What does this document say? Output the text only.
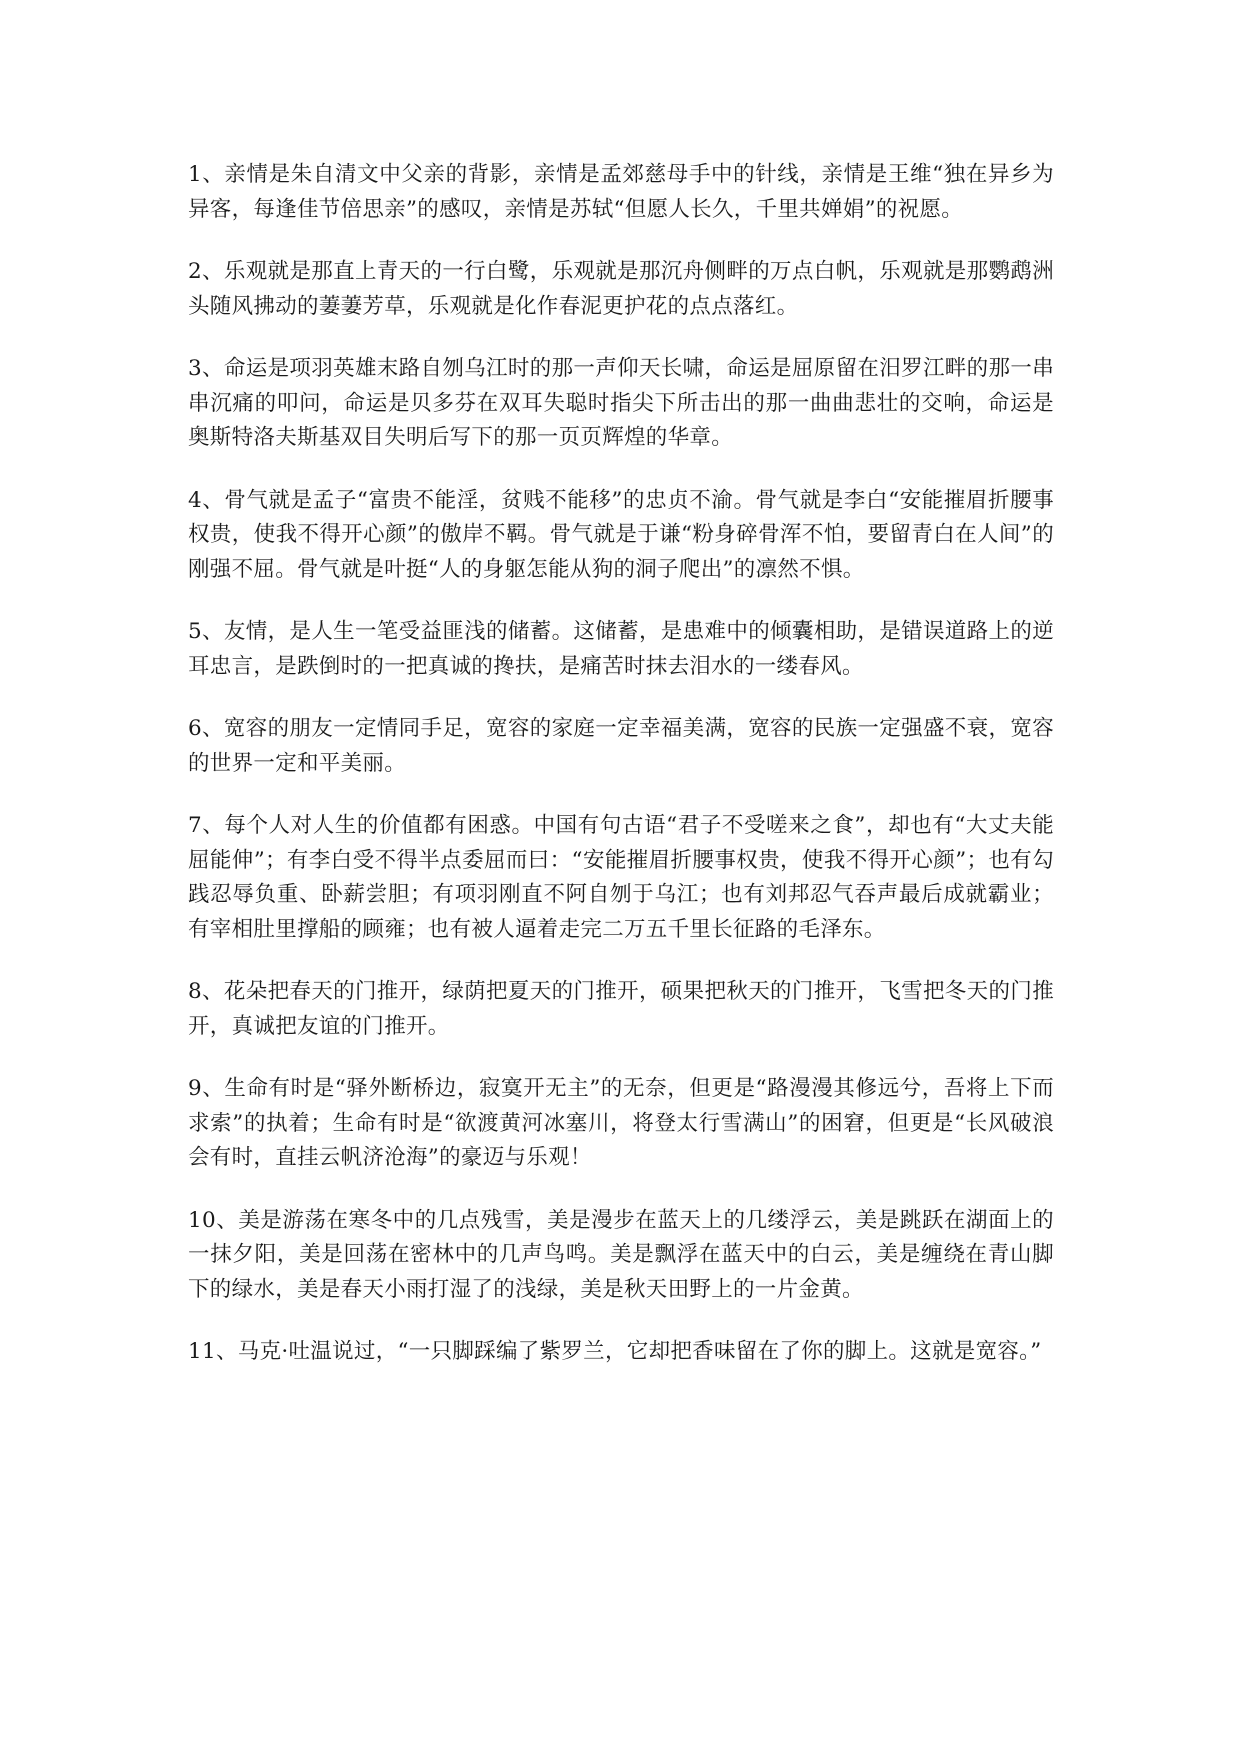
1、亲情是朱自清文中父亲的背影，亲情是孟郊慈母手中的针线，亲情是王维“独在异乡为异客，每逢佳节倍思亲”的感叹，亲情是苏轼“但愿人长久，千里共婵娟”的祝愿。

2、乐观就是那直上青天的一行白鹭，乐观就是那沉舟侧畔的万点白帆，乐观就是那鹦鹉洲头随风拂动的萋萋芳草，乐观就是化作春泥更护花的点点落红。

3、命运是项羽英雄末路自刎乌江时的那一声仰天长啸，命运是屈原留在汨罗江畔的那一串串沉痛的叩问，命运是贝多芬在双耳失聪时指尖下所击出的那一曲曲悲壮的交响，命运是奥斯特洛夫斯基双目失明后写下的那一页页辉煌的华章。

4、骨气就是孟子“富贵不能淫，贫贱不能移”的忠贞不渝。骨气就是李白“安能摧眉折腰事权贵，使我不得开心颜”的傲岸不羁。骨气就是于谦“粉身碎骨浑不怕，要留青白在人间”的刚强不屈。骨气就是叶挺“人的身躯怎能从狗的洞子爬出”的凛然不惧。

5、友情，是人生一笔受益匪浅的储蓄。这储蓄，是患难中的倾囊相助，是错误道路上的逆耳忠言，是跌倒时的一把真诚的搀扶，是痛苦时抹去泪水的一缕春风。

6、宽容的朋友一定情同手足，宽容的家庭一定幸福美满，宽容的民族一定强盛不衰，宽容的世界一定和平美丽。

7、每个人对人生的价值都有困惑。中国有句古语“君子不受嗟来之食”，却也有“大丈夫能屈能伸”；有李白受不得半点委屈而曰：“安能摧眉折腰事权贵，使我不得开心颜”；也有勾践忍辱负重、卧薪尝胆；有项羽刚直不阿自刎于乌江；也有刘邦忍气吞声最后成就霸业；有宰相肚里撑船的顾雍；也有被人逼着走完二万五千里长征路的毛泽东。

8、花朵把春天的门推开，绿荫把夏天的门推开，硕果把秋天的门推开，飞雪把冬天的门推开，真诚把友谊的门推开。

9、生命有时是“驿外断桥边，寂寞开无主”的无奈，但更是“路漫漫其修远兮，吾将上下而求索”的执着；生命有时是“欲渡黄河冰塞川，将登太行雪满山”的困窘，但更是“长风破浪会有时，直挂云帆济沧海”的豪迈与乐观！

10、美是游荡在寒冬中的几点残雪，美是漫步在蓝天上的几缕浮云，美是跳跃在湖面上的一抹夕阳，美是回荡在密林中的几声鸟鸣。美是飘浮在蓝天中的白云，美是缠绕在青山脚下的绿水，美是春天小雨打湿了的浅绿，美是秋天田野上的一片金黄。

11、马克·吐温说过，“一只脚踩编了紫罗兰，它却把香味留在了你的脚上。这就是宽容。”
